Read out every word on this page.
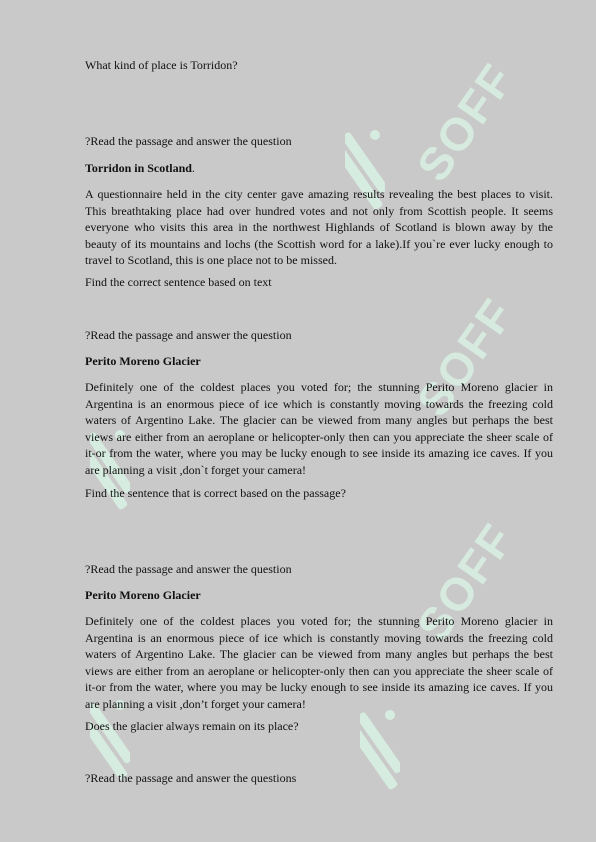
SOFF
SOFF
SOFF

What kind of place is Torridon?

?Read the passage and answer the question

Torridon in Scotland.

A questionnaire held in the city center gave amazing results revealing the best places to visit. This breathtaking place had over hundred votes and not only from Scottish people. It seems everyone who visits this area in the northwest Highlands of Scotland is blown away by the beauty of its mountains and lochs (the Scottish word for a lake).If you`re ever lucky enough to travel to Scotland, this is one place not to be missed.

Find the correct sentence based on text

?Read the passage and answer the question

Perito Moreno Glacier

Definitely one of the coldest places you voted for; the stunning Perito Moreno glacier in Argentina is an enormous piece of ice which is constantly moving towards the freezing cold waters of Argentino Lake. The glacier can be viewed from many angles but perhaps the best views are either from an aeroplane or helicopter-only then can you appreciate the sheer scale of it-or from the water, where you may be lucky enough to see inside its amazing ice caves. If you are planning a visit ,don`t forget your camera!

Find the sentence that is correct based on the passage?

?Read the passage and answer the question

Perito Moreno Glacier

Definitely one of the coldest places you voted for; the stunning Perito Moreno glacier in Argentina is an enormous piece of ice which is constantly moving towards the freezing cold waters of Argentino Lake. The glacier can be viewed from many angles but perhaps the best views are either from an aeroplane or helicopter-only then can you appreciate the sheer scale of it-or from the water, where you may be lucky enough to see inside its amazing ice caves. If you are planning a visit ,don’t forget your camera!

Does the glacier always remain on its place?

?Read the passage and answer the questions
